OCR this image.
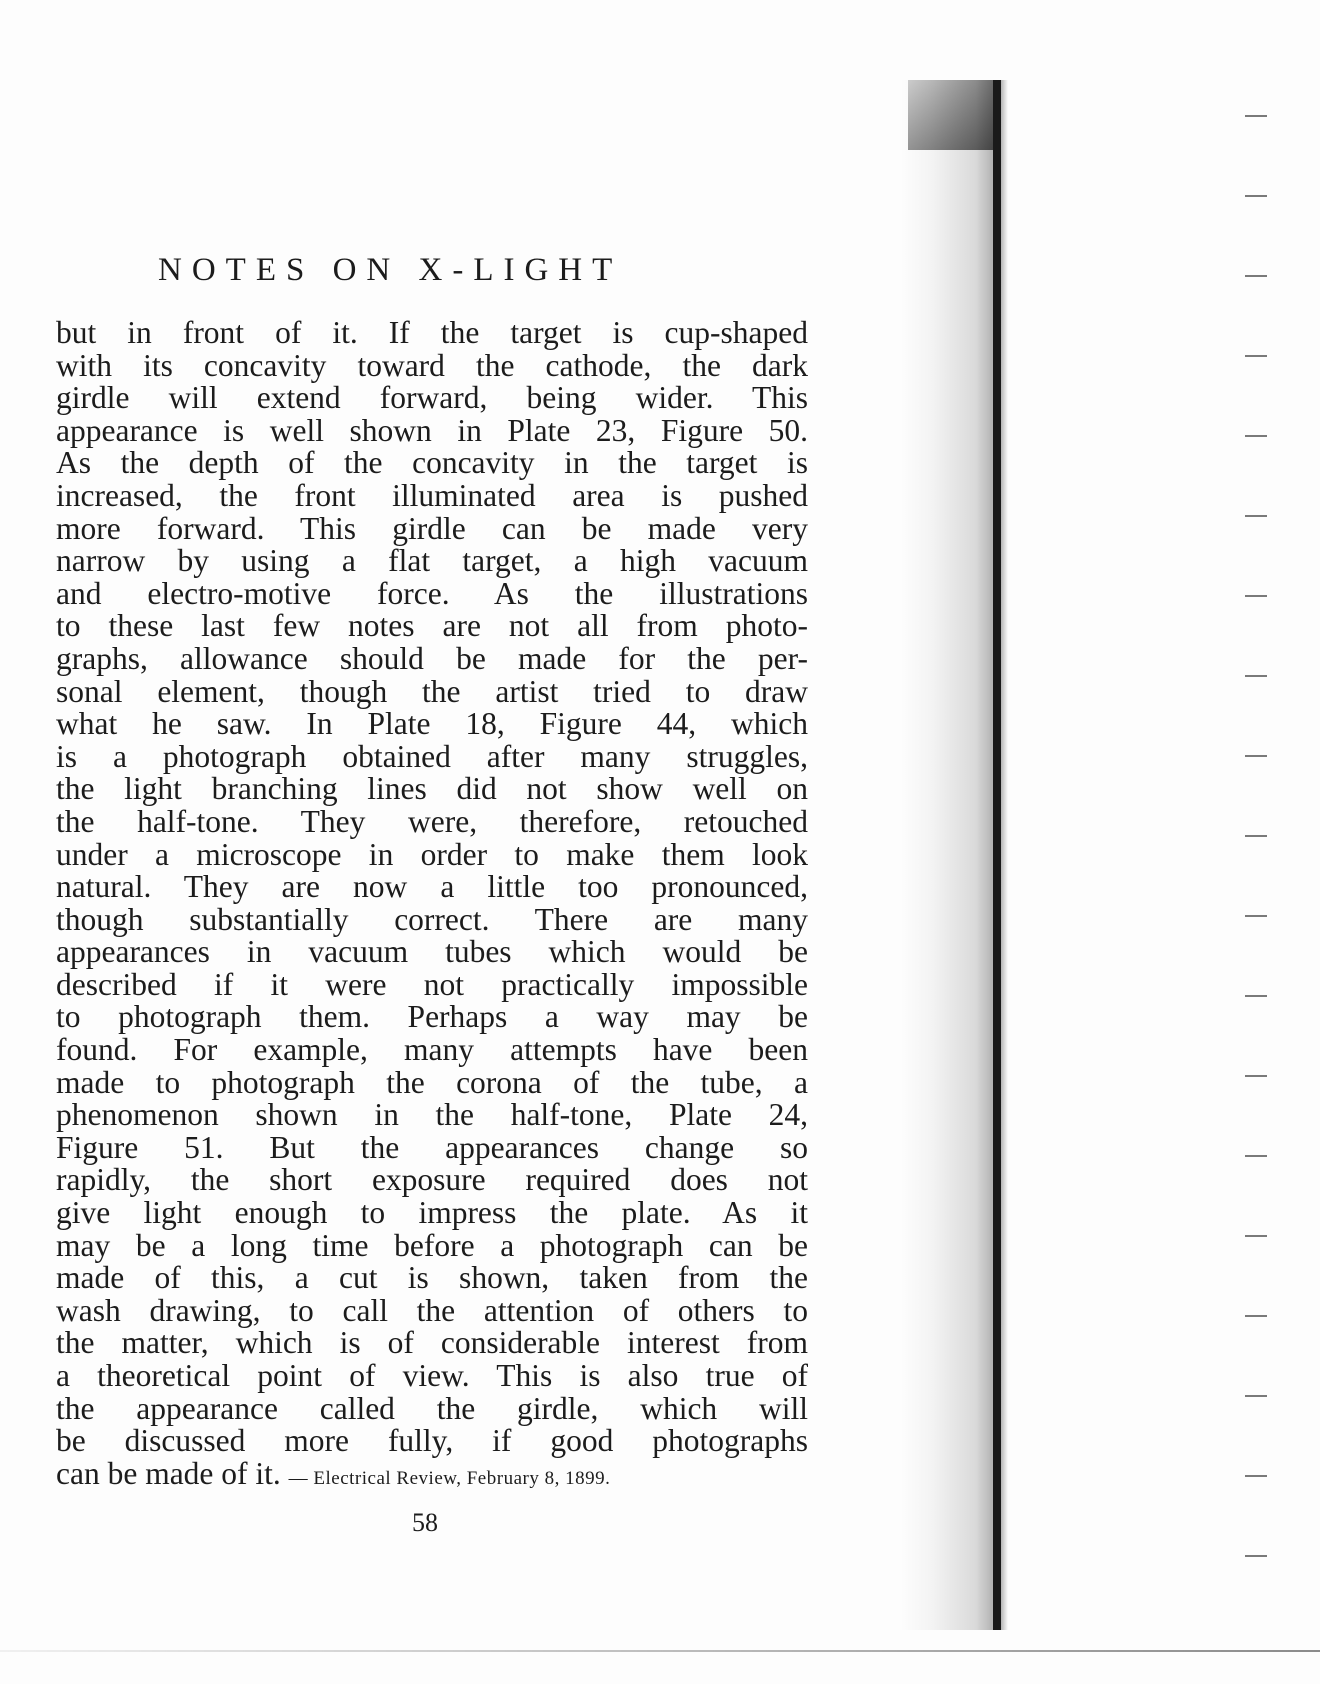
NOTES ON X-LIGHT
but in front of it. If the target is cup-shaped
with its concavity toward the cathode, the dark
girdle will extend forward, being wider. This
appearance is well shown in Plate 23, Figure 50.
As the depth of the concavity in the target is
increased, the front illuminated area is pushed
more forward. This girdle can be made very
narrow by using a flat target, a high vacuum
and electro-motive force. As the illustrations
to these last few notes are not all from photo-
graphs, allowance should be made for the per-
sonal element, though the artist tried to draw
what he saw. In Plate 18, Figure 44, which
is a photograph obtained after many struggles,
the light branching lines did not show well on
the half-tone. They were, therefore, retouched
under a microscope in order to make them look
natural. They are now a little too pronounced,
though substantially correct. There are many
appearances in vacuum tubes which would be
described if it were not practically impossible
to photograph them. Perhaps a way may be
found. For example, many attempts have been
made to photograph the corona of the tube, a
phenomenon shown in the half-tone, Plate 24,
Figure 51. But the appearances change so
rapidly, the short exposure required does not
give light enough to impress the plate. As it
may be a long time before a photograph can be
made of this, a cut is shown, taken from the
wash drawing, to call the attention of others to
the matter, which is of considerable interest from
a theoretical point of view. This is also true of
the appearance called the girdle, which will
be discussed more fully, if good photographs
can be made of it. — Electrical Review, February 8, 1899.
58
